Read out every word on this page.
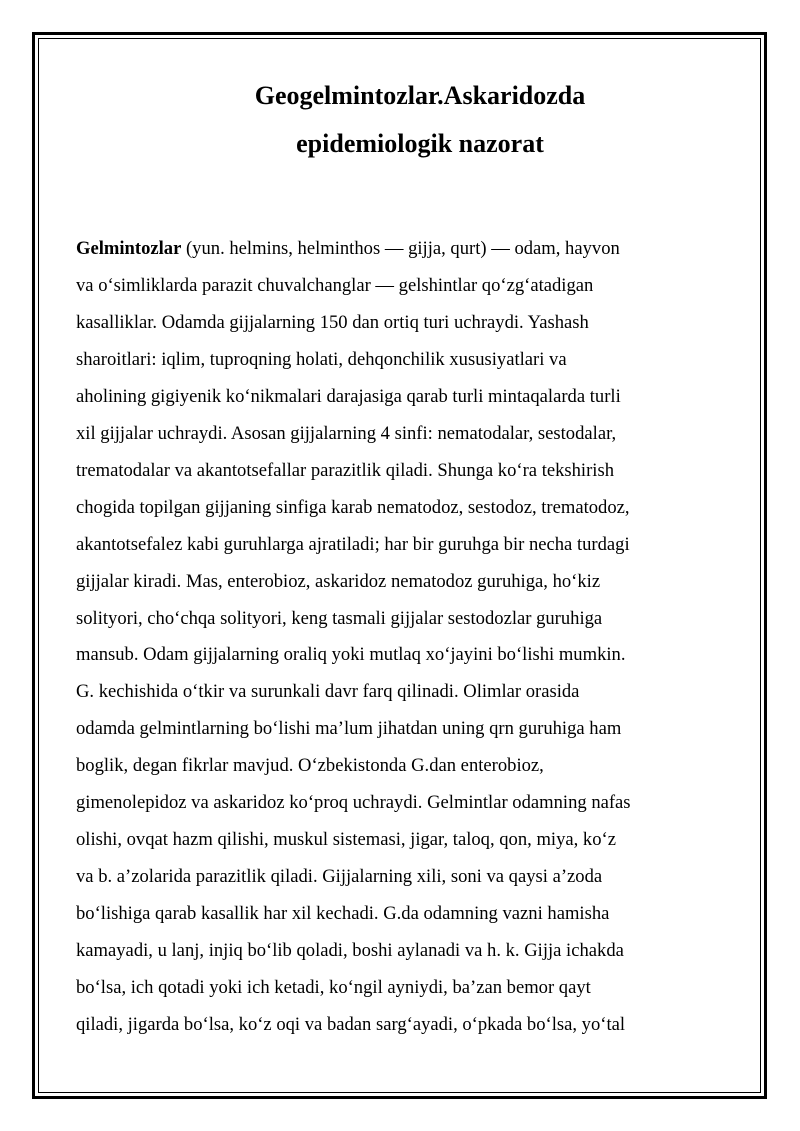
Geogelmintozlar.Askaridozda
epidemiologik nazorat
Gelmintozlar (yun. helmins, helminthos — gijja, qurt) — odam, hayvon
va o‘simliklarda parazit chuvalchanglar — gelshintlar qo‘zg‘atadigan
kasalliklar. Odamda gijjalarning 150 dan ortiq turi uchraydi. Yashash
sharoitlari: iqlim, tuproqning holati, dehqonchilik xususiyatlari va
aholining gigiyenik ko‘nikmalari darajasiga qarab turli mintaqalarda turli
xil gijjalar uchraydi. Asosan gijjalarning 4 sinfi: nematodalar, sestodalar,
trematodalar va akantotsefallar parazitlik qiladi. Shunga ko‘ra tekshirish
chogida topilgan gijjaning sinfiga karab nematodoz, sestodoz, trematodoz,
akantotsefalez kabi guruhlarga ajratiladi; har bir guruhga bir necha turdagi
gijjalar kiradi. Mas, enterobioz, askaridoz nematodoz guruhiga, ho‘kiz
solityori, cho‘chqa solityori, keng tasmali gijjalar sestodozlar guruhiga
mansub. Odam gijjalarning oraliq yoki mutlaq xo‘jayini bo‘lishi mumkin.
G. kechishida o‘tkir va surunkali davr farq qilinadi. Olimlar orasida
odamda gelmintlarning bo‘lishi ma’lum jihatdan uning qrn guruhiga ham
boglik, degan fikrlar mavjud. O‘zbekistonda G.dan enterobioz,
gimenolepidoz va askaridoz ko‘proq uchraydi. Gelmintlar odamning nafas
olishi, ovqat hazm qilishi, muskul sistemasi, jigar, taloq, qon, miya, ko‘z
va b. a’zolarida parazitlik qiladi. Gijjalarning xili, soni va qaysi a’zoda
bo‘lishiga qarab kasallik har xil kechadi. G.da odamning vazni hamisha
kamayadi, u lanj, injiq bo‘lib qoladi, boshi aylanadi va h. k. Gijja ichakda
bo‘lsa, ich qotadi yoki ich ketadi, ko‘ngil ayniydi, ba’zan bemor qayt
qiladi, jigarda bo‘lsa, ko‘z oqi va badan sarg‘ayadi, o‘pkada bo‘lsa, yo‘tal
